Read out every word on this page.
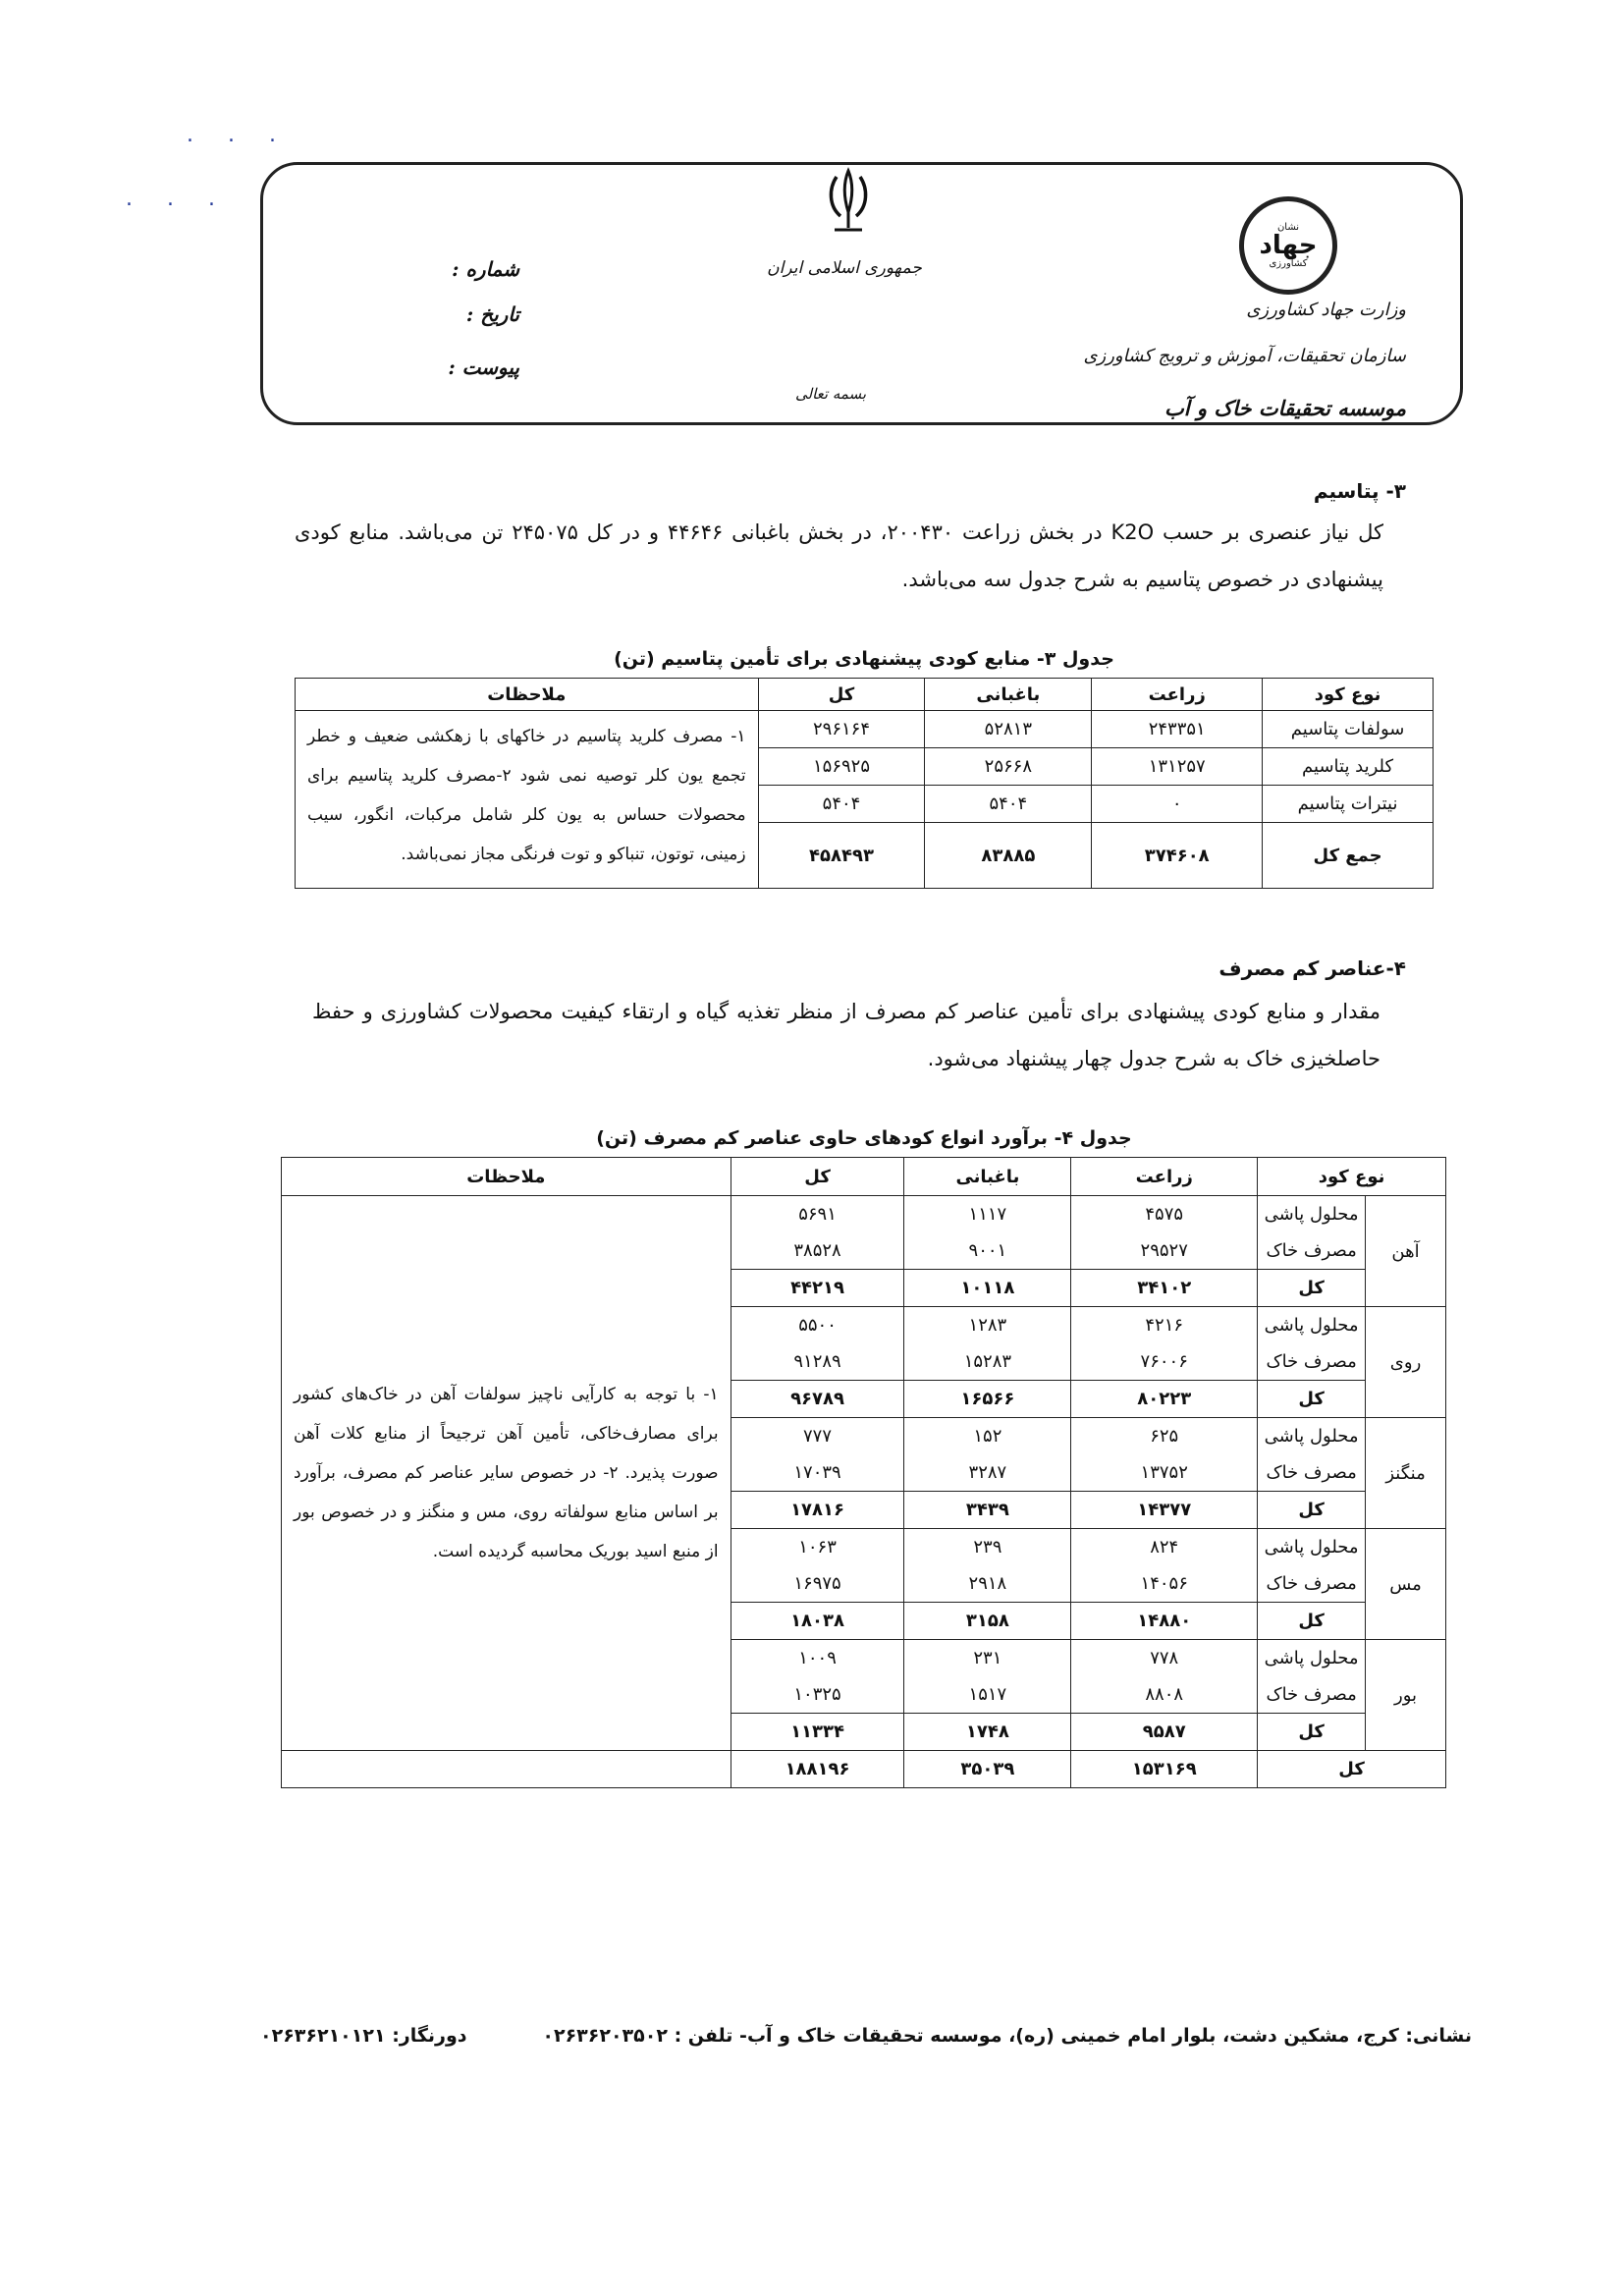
. . .
. . .
جمهوری اسلامی ایران
نشان
جهاد
کشاورزی
وزارت جهاد کشاورزی
سازمان تحقیقات، آموزش و ترویج کشاورزی
موسسه تحقیقات خاک و آب
شماره :
تاریخ :
پیوست :
بسمه تعالی
۳- پتاسیم
کل نیاز عنصری بر حسب K2O در بخش زراعت ۲۰۰۴۳۰، در بخش باغبانی ۴۴۶۴۶ و در کل ۲۴۵۰۷۵ تن می‌باشد. منابع کودی پیشنهادی در خصوص پتاسیم به شرح جدول سه می‌باشد.
جدول ۳- منابع کودی پیشنهادی برای تأمین پتاسیم (تن)
نوع کود	زراعت	باغبانی	کل	ملاحظات
سولفات پتاسیم	۲۴۳۳۵۱	۵۲۸۱۳	۲۹۶۱۶۴	۱- مصرف کلرید پتاسیم در خاکهای با زهکشی ضعیف و خطر تجمع یون کلر توصیه نمی شود ۲-مصرف کلرید پتاسیم برای محصولات حساس به یون کلر شامل مرکبات، انگور، سیب زمینی، توتون، تنباکو و توت فرنگی مجاز نمی‌باشد.
کلرید پتاسیم	۱۳۱۲۵۷	۲۵۶۶۸	۱۵۶۹۲۵	
نیترات پتاسیم	۰	۵۴۰۴	۵۴۰۴	
جمع کل	۳۷۴۶۰۸	۸۳۸۸۵	۴۵۸۴۹۳	
۴-عناصر کم مصرف
مقدار و منابع کودی پیشنهادی برای تأمین عناصر کم مصرف از منظر تغذیه گیاه و ارتقاء کیفیت محصولات کشاورزی و حفظ حاصلخیزی خاک به شرح جدول چهار پیشنهاد می‌شود.
جدول ۴- برآورد انواع کودهای حاوی عناصر کم مصرف (تن)
نوع کود		زراعت	باغبانی	کل	ملاحظات
آهن	محلول پاشی	۴۵۷۵	۱۱۱۷	۵۶۹۱	۱- با توجه به کارآیی ناچیز سولفات آهن در خاک‌های کشور برای مصارف‌خاکی، تأمین آهن ترجیحاً از منابع کلات آهن صورت پذیرد. ۲- در خصوص سایر عناصر کم مصرف، برآورد بر اساس منابع سولفاته روی، مس و منگنز و در خصوص بور از منبع اسید بوریک محاسبه گردیده است.
	مصرف خاک	۲۹۵۲۷	۹۰۰۱	۳۸۵۲۸	
	کل	۳۴۱۰۲	۱۰۱۱۸	۴۴۲۱۹	
روی	محلول پاشی	۴۲۱۶	۱۲۸۳	۵۵۰۰	
	مصرف خاک	۷۶۰۰۶	۱۵۲۸۳	۹۱۲۸۹	
	کل	۸۰۲۲۳	۱۶۵۶۶	۹۶۷۸۹	
منگنز	محلول پاشی	۶۲۵	۱۵۲	۷۷۷	
	مصرف خاک	۱۳۷۵۲	۳۲۸۷	۱۷۰۳۹	
	کل	۱۴۳۷۷	۳۴۳۹	۱۷۸۱۶	
مس	محلول پاشی	۸۲۴	۲۳۹	۱۰۶۳	
	مصرف خاک	۱۴۰۵۶	۲۹۱۸	۱۶۹۷۵	
	کل	۱۴۸۸۰	۳۱۵۸	۱۸۰۳۸	
بور	محلول پاشی	۷۷۸	۲۳۱	۱۰۰۹	
	مصرف خاک	۸۸۰۸	۱۵۱۷	۱۰۳۲۵	
	کل	۹۵۸۷	۱۷۴۸	۱۱۳۳۴	
کل		۱۵۳۱۶۹	۳۵۰۳۹	۱۸۸۱۹۶	
نشانی: کرج، مشکین دشت، بلوار امام خمینی (ره)، موسسه تحقیقات خاک و آب- تلفن : ۰۲۶۳۶۲۰۳۵۰۲
دورنگار: ۰۲۶۳۶۲۱۰۱۲۱
